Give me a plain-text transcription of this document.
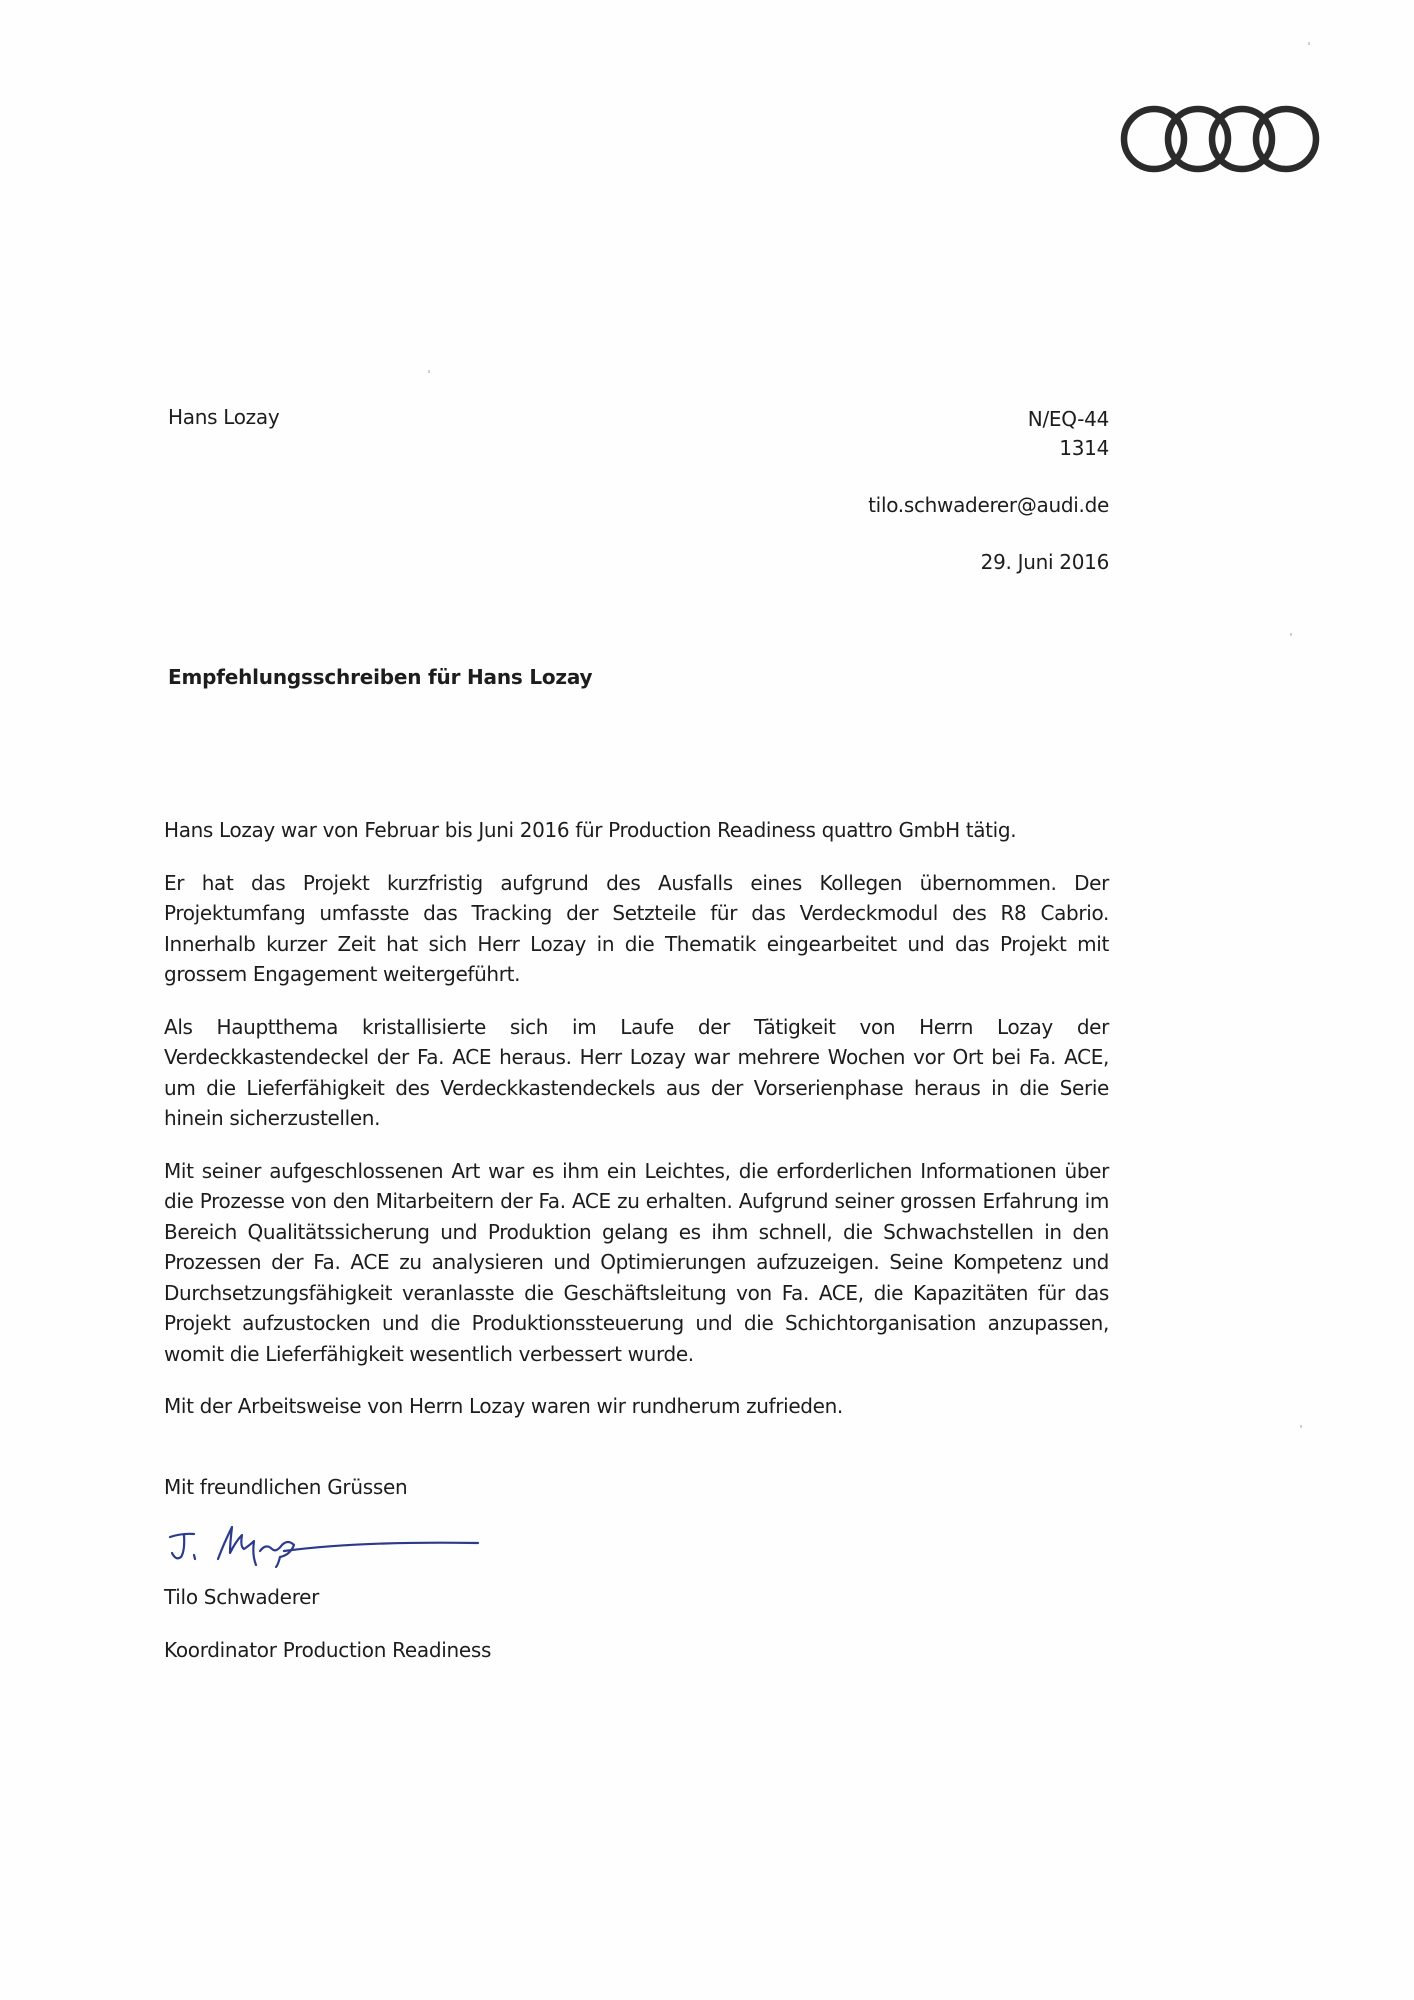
Hans Lozay	N/EQ-44
1314
tilo.schwaderer@audi.de
29. Juni 2016
Empfehlungsschreiben für Hans Lozay

Hans Lozay war von Februar bis Juni 2016 für Production Readiness quattro GmbH tätig.

Er hat das Projekt kurzfristig aufgrund des Ausfalls eines Kollegen übernommen. Der Projektumfang umfasste das Tracking der Setzteile für das Verdeckmodul des R8 Cabrio. Innerhalb kurzer Zeit hat sich Herr Lozay in die Thematik eingearbeitet und das Projekt mit grossem Engagement weitergeführt.

Als Hauptthema kristallisierte sich im Laufe der Tätigkeit von Herrn Lozay der Verdeckkastendeckel der Fa. ACE heraus. Herr Lozay war mehrere Wochen vor Ort bei Fa. ACE, um die Lieferfähigkeit des Verdeckkastendeckels aus der Vorserienphase heraus in die Serie hinein sicherzustellen.

Mit seiner aufgeschlossenen Art war es ihm ein Leichtes, die erforderlichen Informationen über die Prozesse von den Mitarbeitern der Fa. ACE zu erhalten. Aufgrund seiner grossen Erfahrung im Bereich Qualitätssicherung und Produktion gelang es ihm schnell, die Schwachstellen in den Prozessen der Fa. ACE zu analysieren und Optimierungen aufzuzeigen. Seine Kompetenz und Durchsetzungsfähigkeit veranlasste die Geschäftsleitung von Fa. ACE, die Kapazitäten für das Projekt aufzustocken und die Produktionssteuerung und die Schichtorganisation anzupassen, womit die Lieferfähigkeit wesentlich verbessert wurde.

Mit der Arbeitsweise von Herrn Lozay waren wir rundherum zufrieden.

Mit freundlichen Grüssen
Tilo Schwaderer
Koordinator Production Readiness
